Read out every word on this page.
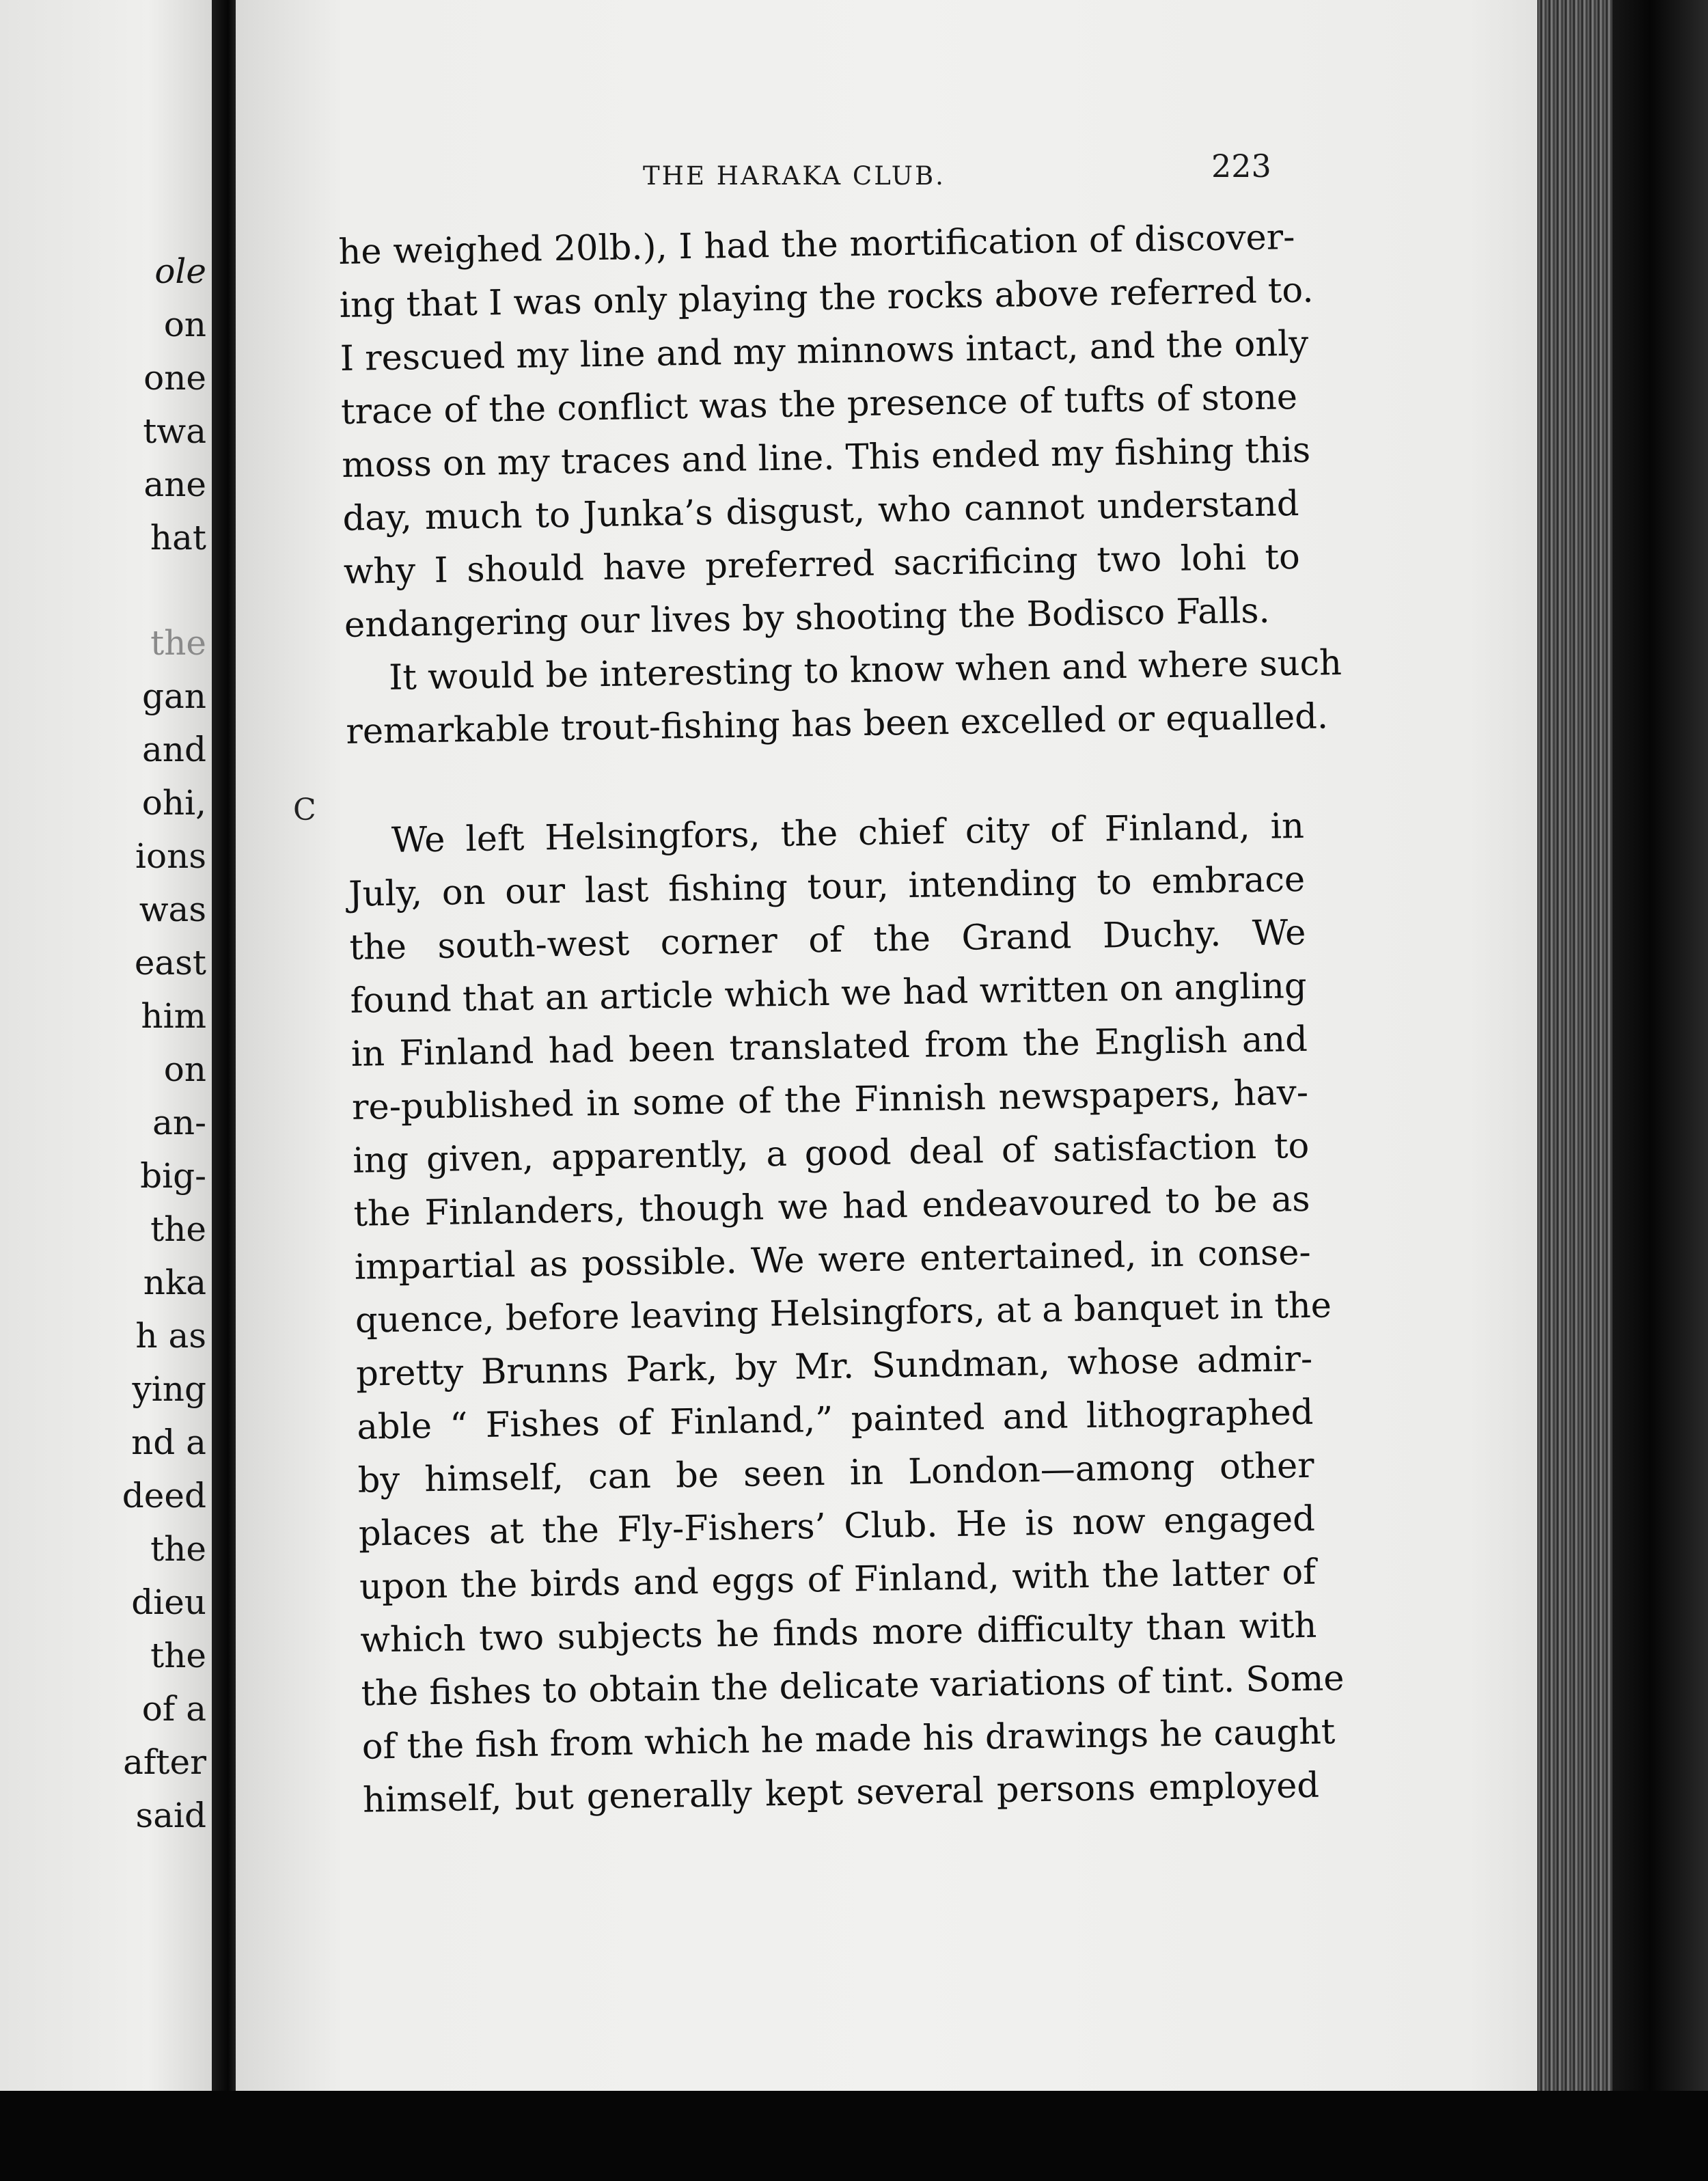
ole
on
one
twa
ane
hat
the
gan
and
ohi,
ions
was
east
him
on
an-
big-
the
nka
h as
ying
nd a
deed
the
dieu
the
of a
after
said
THE HARAKA CLUB.	223
C
he weighed 20lb.), I had the mortification of discover-
ing that I was only playing the rocks above referred to.
I rescued my line and my minnows intact, and the only
trace of the conflict was the presence of tufts of stone
moss on my traces and line. This ended my fishing this
day, much to Junka’s disgust, who cannot understand
why I should have preferred sacrificing two lohi to
endangering our lives by shooting the Bodisco Falls.
It would be interesting to know when and where such
remarkable trout-fishing has been excelled or equalled.
We left Helsingfors, the chief city of Finland, in
July, on our last fishing tour, intending to embrace
the south-west corner of the Grand Duchy. We
found that an article which we had written on angling
in Finland had been translated from the English and
re-published in some of the Finnish newspapers, hav-
ing given, apparently, a good deal of satisfaction to
the Finlanders, though we had endeavoured to be as
impartial as possible. We were entertained, in conse-
quence, before leaving Helsingfors, at a banquet in the
pretty Brunns Park, by Mr. Sundman, whose admir-
able “ Fishes of Finland,” painted and lithographed
by himself, can be seen in London—among other
places at the Fly-Fishers’ Club. He is now engaged
upon the birds and eggs of Finland, with the latter of
which two subjects he finds more difficulty than with
the fishes to obtain the delicate variations of tint. Some
of the fish from which he made his drawings he caught
himself, but generally kept several persons employed
